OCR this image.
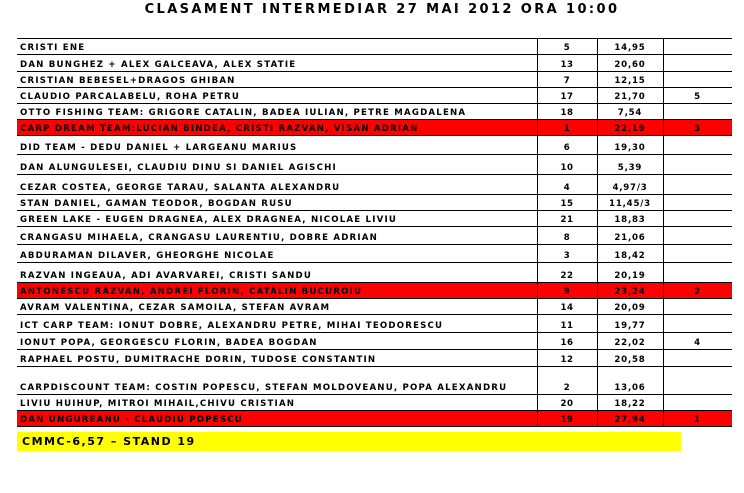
CLASAMENT INTERMEDIAR 27 MAI 2012 ORA 10:00
CRISTI ENE	5	14,95	
DAN BUNGHEZ + ALEX GALCEAVA, ALEX STATIE	13	20,60	
CRISTIAN BEBESEL+DRAGOS GHIBAN	7	12,15	
CLAUDIO PARCALABELU, ROHA PETRU	17	21,70	5
OTTO FISHING TEAM: GRIGORE CATALIN, BADEA IULIAN, PETRE MAGDALENA	18	7,54	
CARP DREAM TEAM:LUCIAN BINDEA, CRISTI RAZVAN, VISAN ADRIAN	1	22,19	3
DID TEAM - DEDU DANIEL + LARGEANU MARIUS	6	19,30	
DAN ALUNGULESEI, CLAUDIU DINU SI DANIEL AGISCHI	10	5,39	
CEZAR COSTEA, GEORGE TARAU, SALANTA ALEXANDRU	4	4,97/3	
STAN DANIEL, GAMAN TEODOR, BOGDAN RUSU	15	11,45/3	
GREEN LAKE - EUGEN DRAGNEA, ALEX DRAGNEA, NICOLAE LIVIU	21	18,83	
CRANGASU MIHAELA, CRANGASU LAURENTIU, DOBRE ADRIAN	8	21,06	
ABDURAMAN DILAVER, GHEORGHE NICOLAE	3	18,42	
RAZVAN INGEAUA, ADI AVARVAREI, CRISTI SANDU	22	20,19	
ANTONESCU RAZVAN, ANDREI FLORIN, CATALIN BUCUROIU	9	23,24	2
AVRAM VALENTINA, CEZAR SAMOILA, STEFAN AVRAM	14	20,09	
ICT CARP TEAM: IONUT DOBRE, ALEXANDRU PETRE, MIHAI TEODORESCU	11	19,77	
IONUT POPA, GEORGESCU FLORIN, BADEA BOGDAN	16	22,02	4
RAPHAEL POSTU, DUMITRACHE DORIN, TUDOSE CONSTANTIN	12	20,58	
CARPDISCOUNT TEAM: COSTIN POPESCU, STEFAN MOLDOVEANU, POPA ALEXANDRU	2	13,06	
LIVIU HUIHUP, MITROI MIHAIL,CHIVU CRISTIAN	20	18,22	
DAN UNGUREANU - CLAUDIU POPESCU	19	27,94	1
CMMC-6,57 – STAND 19
